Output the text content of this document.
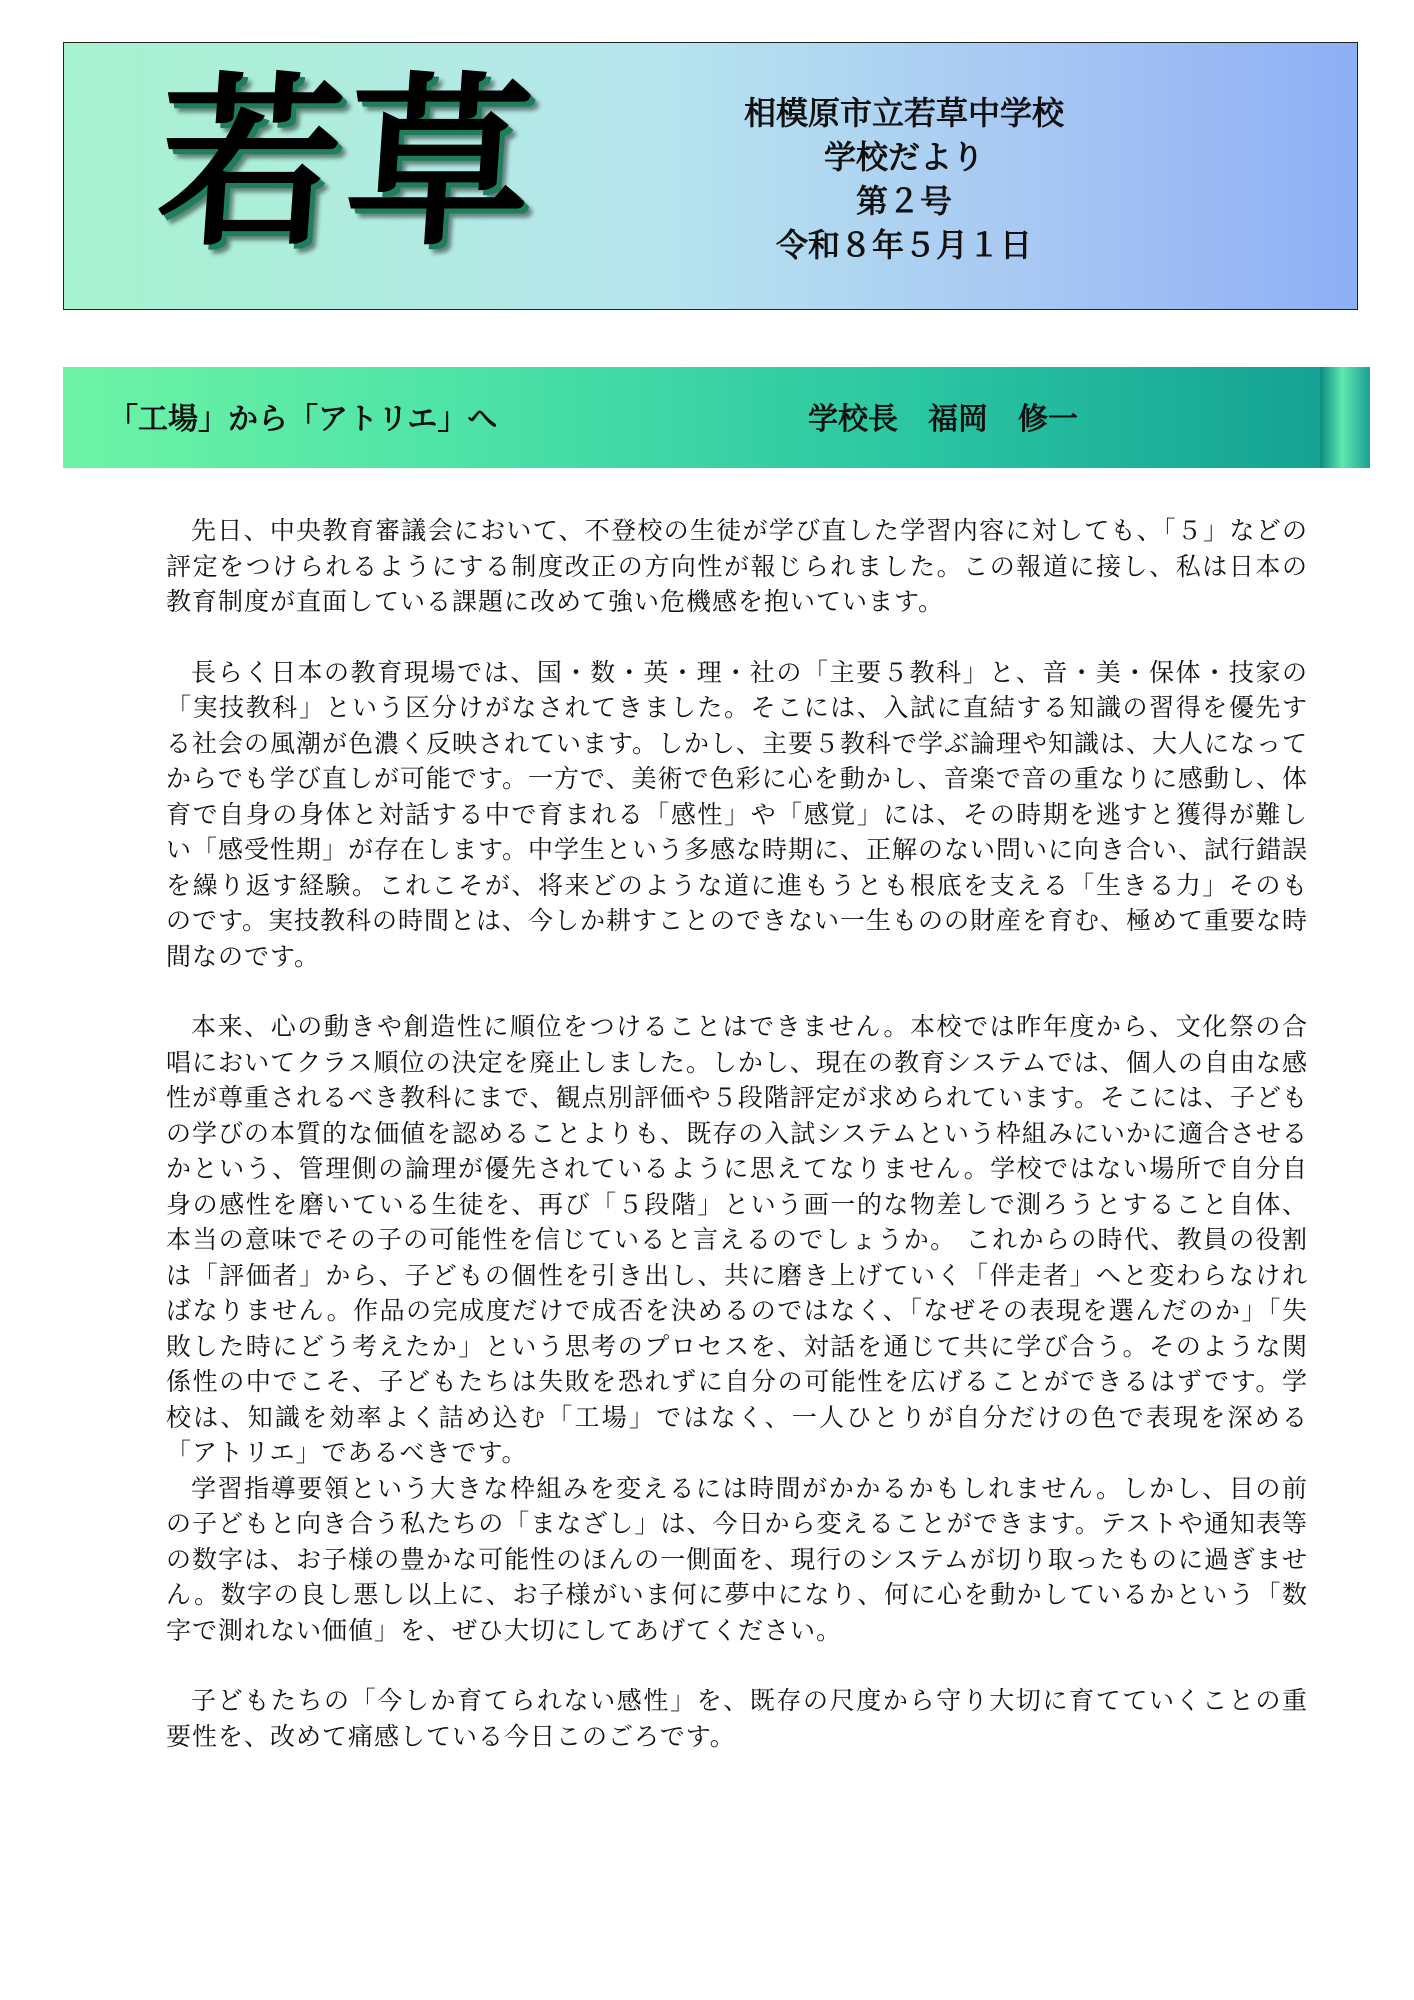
若草	相模原市立若草中学校
学校だより
第２号
令和８年５月１日
「工場」から「アトリエ」へ	学校長　福岡　修一

先日、中央教育審議会において、不登校の生徒が学び直した学習内容に対しても、「５」などの評定をつけられるようにする制度改正の方向性が報じられました。この報道に接し、私は日本の教育制度が直面している課題に改めて強い危機感を抱いています。

長らく日本の教育現場では、国・数・英・理・社の「主要５教科」と、音・美・保体・技家の「実技教科」という区分けがなされてきました。そこには、入試に直結する知識の習得を優先する社会の風潮が色濃く反映されています。しかし、主要５教科で学ぶ論理や知識は、大人になってからでも学び直しが可能です。一方で、美術で色彩に心を動かし、音楽で音の重なりに感動し、体育で自身の身体と対話する中で育まれる「感性」や「感覚」には、その時期を逃すと獲得が難しい「感受性期」が存在します。中学生という多感な時期に、正解のない問いに向き合い、試行錯誤を繰り返す経験。これこそが、将来どのような道に進もうとも根底を支える「生きる力」そのものです。実技教科の時間とは、今しか耕すことのできない一生ものの財産を育む、極めて重要な時間なのです。

本来、心の動きや創造性に順位をつけることはできません。本校では昨年度から、文化祭の合唱においてクラス順位の決定を廃止しました。しかし、現在の教育システムでは、個人の自由な感性が尊重されるべき教科にまで、観点別評価や５段階評定が求められています。そこには、子どもの学びの本質的な価値を認めることよりも、既存の入試システムという枠組みにいかに適合させるかという、管理側の論理が優先されているように思えてなりません。学校ではない場所で自分自身の感性を磨いている生徒を、再び「５段階」という画一的な物差しで測ろうとすること自体、本当の意味でその子の可能性を信じていると言えるのでしょうか。 これからの時代、教員の役割は「評価者」から、子どもの個性を引き出し、共に磨き上げていく「伴走者」へと変わらなければなりません。作品の完成度だけで成否を決めるのではなく、「なぜその表現を選んだのか」「失敗した時にどう考えたか」という思考のプロセスを、対話を通じて共に学び合う。そのような関係性の中でこそ、子どもたちは失敗を恐れずに自分の可能性を広げることができるはずです。学校は、知識を効率よく詰め込む「工場」ではなく、一人ひとりが自分だけの色で表現を深める「アトリエ」であるべきです。

学習指導要領という大きな枠組みを変えるには時間がかかるかもしれません。しかし、目の前の子どもと向き合う私たちの「まなざし」は、今日から変えることができます。テストや通知表等の数字は、お子様の豊かな可能性のほんの一側面を、現行のシステムが切り取ったものに過ぎません。数字の良し悪し以上に、お子様がいま何に夢中になり、何に心を動かしているかという「数字で測れない価値」を、ぜひ大切にしてあげてください。

子どもたちの「今しか育てられない感性」を、既存の尺度から守り大切に育てていくことの重要性を、改めて痛感している今日このごろです。
